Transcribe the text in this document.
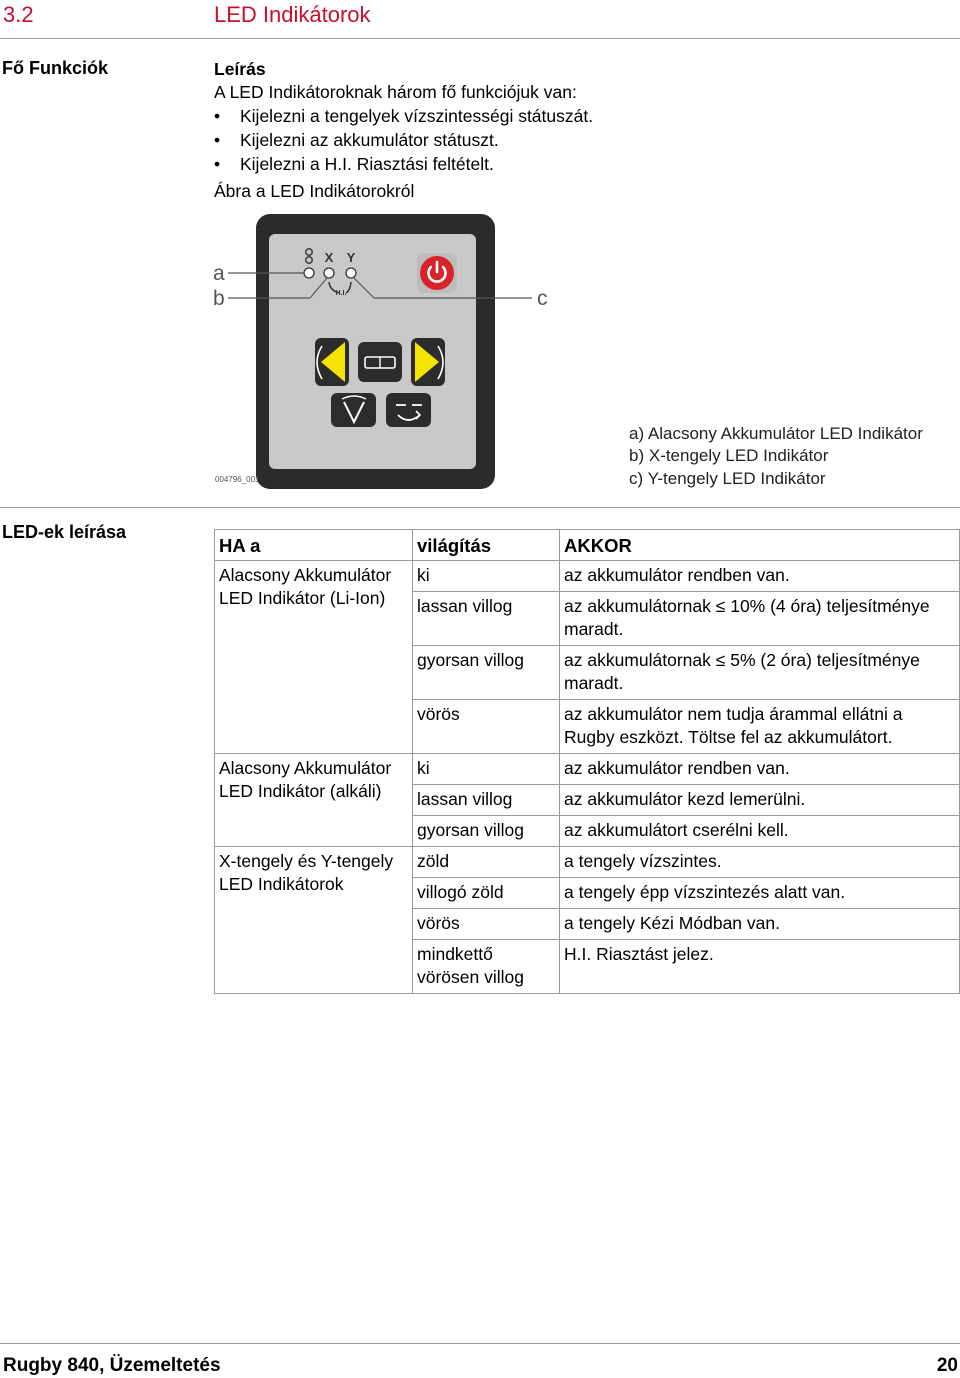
3.2	LED Indikátorok
Fő Funkciók	Leírás
A LED Indikátoroknak három fő funkciójuk van:
• Kijelezni a tengelyek vízszintességi státuszát.
• Kijelezni az akkumulátor státuszt.
• Kijelezni a H.I. Riasztási feltételt.
Ábra a LED Indikátorokról
X Y
H.I.
a
b	c
004796_001
a) Alacsony Akkumulátor LED Indikátor
b) X-tengely LED Indikátor
c) Y-tengely LED Indikátor
LED-ek leírása
HA a	világítás	AKKOR
Alacsony Akkumulátor LED Indikátor (Li-Ion)	ki	az akkumulátor rendben van.
	lassan villog	az akkumulátornak ≤ 10% (4 óra) teljesítménye maradt.
	gyorsan villog	az akkumulátornak ≤ 5% (2 óra) teljesítménye maradt.
	vörös	az akkumulátor nem tudja árammal ellátni a Rugby eszközt. Töltse fel az akkumulátort.
Alacsony Akkumulátor LED Indikátor (alkáli)	ki	az akkumulátor rendben van.
	lassan villog	az akkumulátor kezd lemerülni.
	gyorsan villog	az akkumulátort cserélni kell.
X-tengely és Y-tengely LED Indikátorok	zöld	a tengely vízszintes.
	villogó zöld	a tengely épp vízszintezés alatt van.
	vörös	a tengely Kézi Módban van.
	mindkettő vörösen villog	H.I. Riasztást jelez.
Rugby 840, Üzemeltetés	20
